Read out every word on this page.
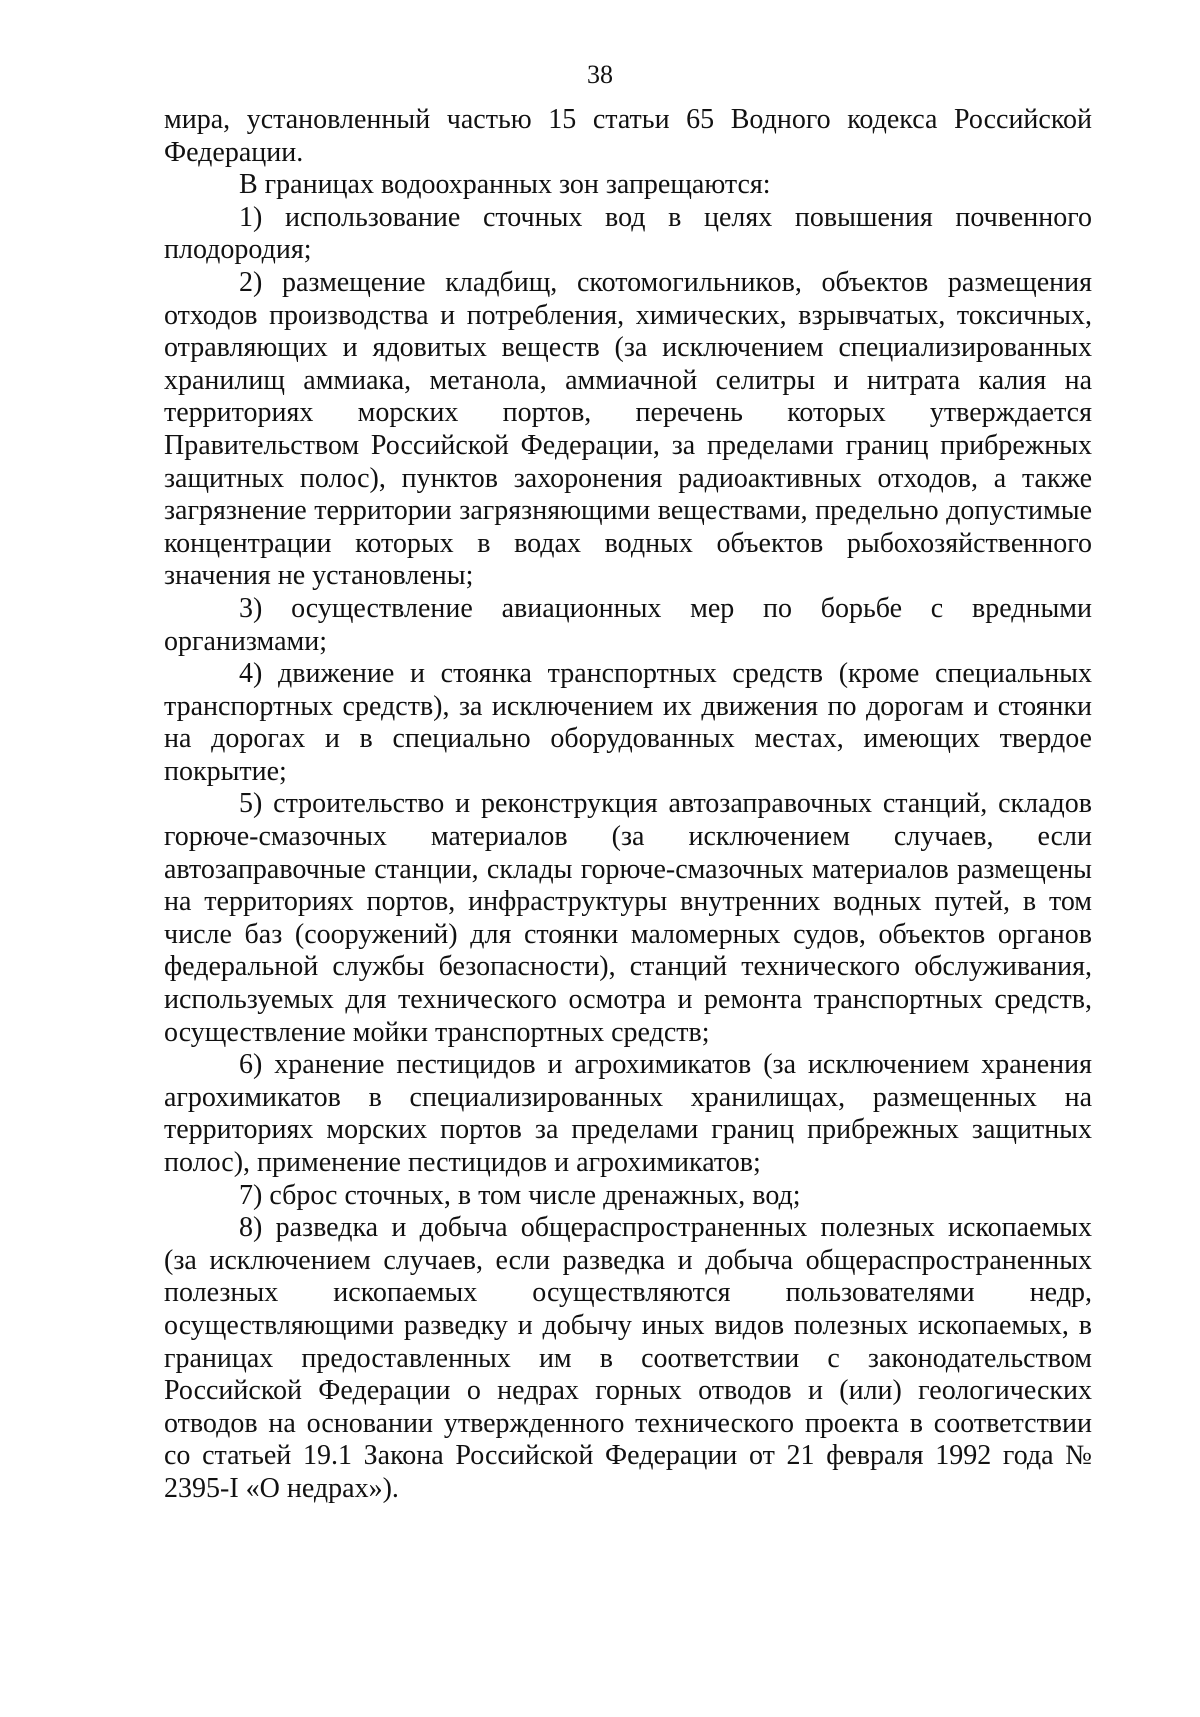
38

мира, установленный частью 15 статьи 65 Водного кодекса Российской Федерации.

В границах водоохранных зон запрещаются:

1) использование сточных вод в целях повышения почвенного плодородия;

2) размещение кладбищ, скотомогильников, объектов размещения отходов производства и потребления, химических, взрывчатых, токсичных, отравляющих и ядовитых веществ (за исключением специализированных хранилищ аммиака, метанола, аммиачной селитры и нитрата калия на территориях морских портов, перечень которых утверждается Правительством Российской Федерации, за пределами границ прибрежных защитных полос), пунктов захоронения радиоактивных отходов, а также загрязнение территории загрязняющими веществами, предельно допустимые концентрации которых в водах водных объектов рыбохозяйственного значения не установлены;

3) осуществление авиационных мер по борьбе с вредными организмами;

4) движение и стоянка транспортных средств (кроме специальных транспортных средств), за исключением их движения по дорогам и стоянки на дорогах и в специально оборудованных местах, имеющих твердое покрытие;

5) строительство и реконструкция автозаправочных станций, складов горюче-смазочных материалов (за исключением случаев, если автозаправочные станции, склады горюче-смазочных материалов размещены на территориях портов, инфраструктуры внутренних водных путей, в том числе баз (сооружений) для стоянки маломерных судов, объектов органов федеральной службы безопасности), станций технического обслуживания, используемых для технического осмотра и ремонта транспортных средств, осуществление мойки транспортных средств;

6) хранение пестицидов и агрохимикатов (за исключением хранения агрохимикатов в специализированных хранилищах, размещенных на территориях морских портов за пределами границ прибрежных защитных полос), применение пестицидов и агрохимикатов;

7) сброс сточных, в том числе дренажных, вод;

8) разведка и добыча общераспространенных полезных ископаемых (за исключением случаев, если разведка и добыча общераспространенных полезных ископаемых осуществляются пользователями недр, осуществляющими разведку и добычу иных видов полезных ископаемых, в границах предоставленных им в соответствии с законодательством Российской Федерации о недрах горных отводов и (или) геологических отводов на основании утвержденного технического проекта в соответствии со статьей 19.1 Закона Российской Федерации от 21 февраля 1992 года № 2395-I «О недрах»).
